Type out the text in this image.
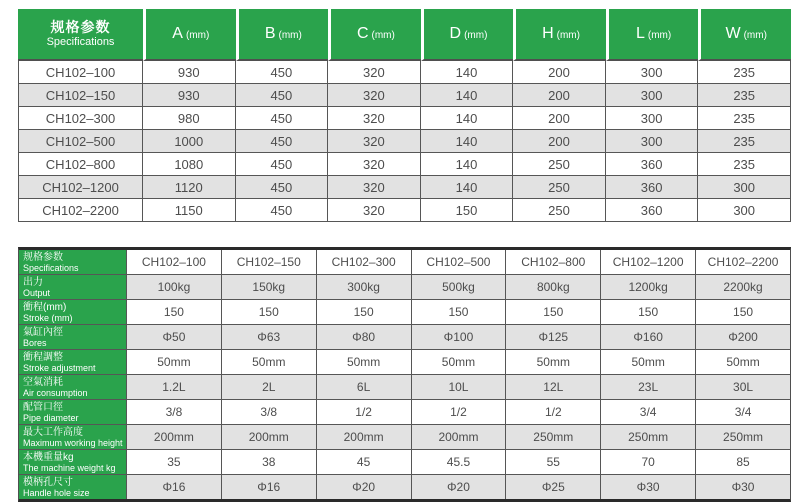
规格参数
Specifications	A (mm)	B (mm)	C (mm)	D (mm)	H (mm)	L (mm)	W (mm)
CH102–100	930	450	320	140	200	300	235
CH102–150	930	450	320	140	200	300	235
CH102–300	980	450	320	140	200	300	235
CH102–500	1000	450	320	140	200	300	235
CH102–800	1080	450	320	140	250	360	235
CH102–1200	1120	450	320	140	250	360	300
CH102–2200	1150	450	320	150	250	360	300
规格参数
Specifications	CH102–100	CH102–150	CH102–300	CH102–500	CH102–800	CH102–1200	CH102–2200

出力
Output	100kg	150kg	300kg	500kg	800kg	1200kg	2200kg

衝程(mm)
Stroke (mm)	150	150	150	150	150	150	150

氣缸內徑
Bores	Φ50	Φ63	Φ80	Φ100	Φ125	Φ160	Φ200

衝程調整
Stroke adjustment	50mm	50mm	50mm	50mm	50mm	50mm	50mm

空氣消耗
Air consumption	1.2L	2L	6L	10L	12L	23L	30L

配管口徑
Pipe diameter	3/8	3/8	1/2	1/2	1/2	3/4	3/4

最大工作高度
Maximum working height	200mm	200mm	200mm	200mm	250mm	250mm	250mm

本機重量kg
The machine weight kg	35	38	45	45.5	55	70	85

模柄孔尺寸
Handle hole size	Φ16	Φ16	Φ20	Φ20	Φ25	Φ30	Φ30
